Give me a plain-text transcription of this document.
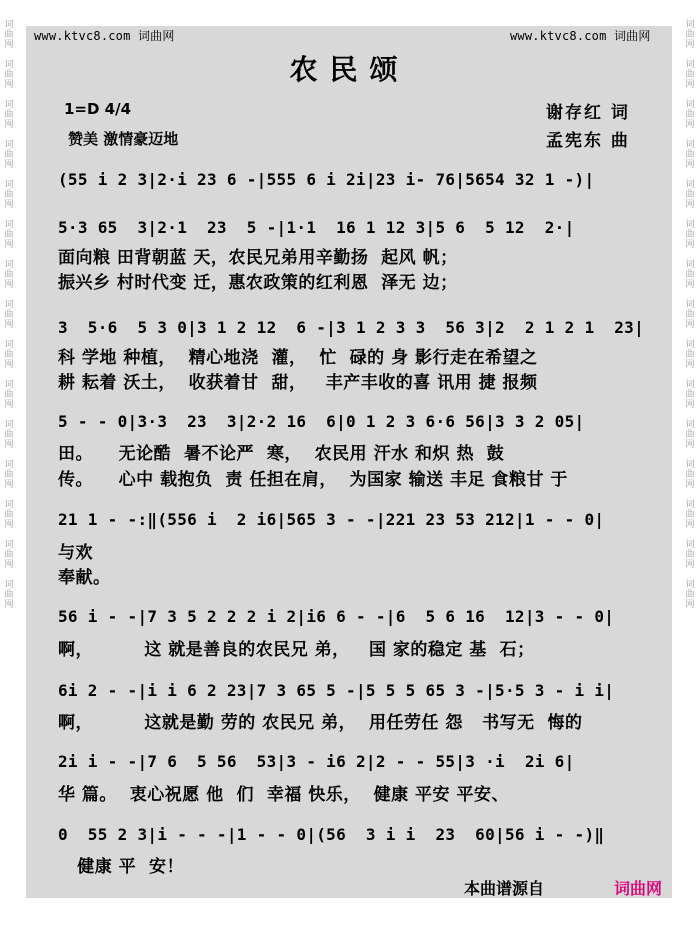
词
曲
网

词
曲
网

词
曲
网

词
曲
网

词
曲
网

词
曲
网

词
曲
网

词
曲
网

词
曲
网

词
曲
网

词
曲
网

词
曲
网

词
曲
网

词
曲
网

词
曲
网

词
曲
网

词
曲
网

词
曲
网

词
曲
网

词
曲
网

词
曲
网

词
曲
网

词
曲
网

词
曲
网

词
曲
网

词
曲
网

词
曲
网

词
曲
网

词
曲
网

词
曲
网

www.ktvc8.com 词曲网	www.ktvc8.com 词曲网
农民颂
1=D 4/4
赞美 激情豪迈地
谢存红 词
孟宪东 曲
(55 i 2 3|2·i 23 6 -|555 6 i 2i|23 i- 76|5654 32 1 -)|
5·3 65  3|2·1  23  5 -|1·1  16 1 12 3|5 6  5 12  2·|
面向粮 田背朝蓝 天，农民兄弟用辛勤扬  起风 帆；
振兴乡 村时代变 迁，惠农政策的红利恩  泽无 边；
3  5·6  5 3 0|3 1 2 12  6 -|3 1 2 3 3  56 3|2  2 1 2 1  23|
科 学地 种植，  精心地浇  灌，  忙  碌的 身 影行走在希望之
耕 耘着 沃土，  收获着甘  甜，   丰产丰收的喜 讯用 捷 报频
5 - - 0|3·3  23  3|2·2 16  6|0 1 2 3 6·6 56|3 3 2 05|
田。    无论酷  暑不论严  寒，  农民用 汗水 和炽 热  鼓
传。    心中 载抱负  责 任担在肩，  为国家 输送 丰足 食粮甘 于
21 1 - -:‖(556 i  2 i6|565 3 - -|221 23 53 212|1 - - 0|
与欢
奉献。
56 i - -|7 3 5 2 2 2 i 2|i6 6 - -|6  5 6 16  12|3 - - 0|
啊，        这 就是善良的农民兄 弟，   国 家的稳定 基  石；
6i 2 - -|i i 6 2 23|7 3 65 5 -|5 5 5 65 3 -|5·5 3 - i i|
啊，        这就是勤 劳的 农民兄 弟，  用任劳任 怨   书写无  悔的
2i i - -|7 6  5 56  53|3 - i6 2|2 - - 55|3 ·i  2i 6|
华 篇。  衷心祝愿 他  们  幸福 快乐，  健康 平安 平安、
0  55 2 3|i - - -|1 - - 0|(56  3 i i  23  60|56 i - -)‖
健康 平  安！
本曲谱源自	词曲网
